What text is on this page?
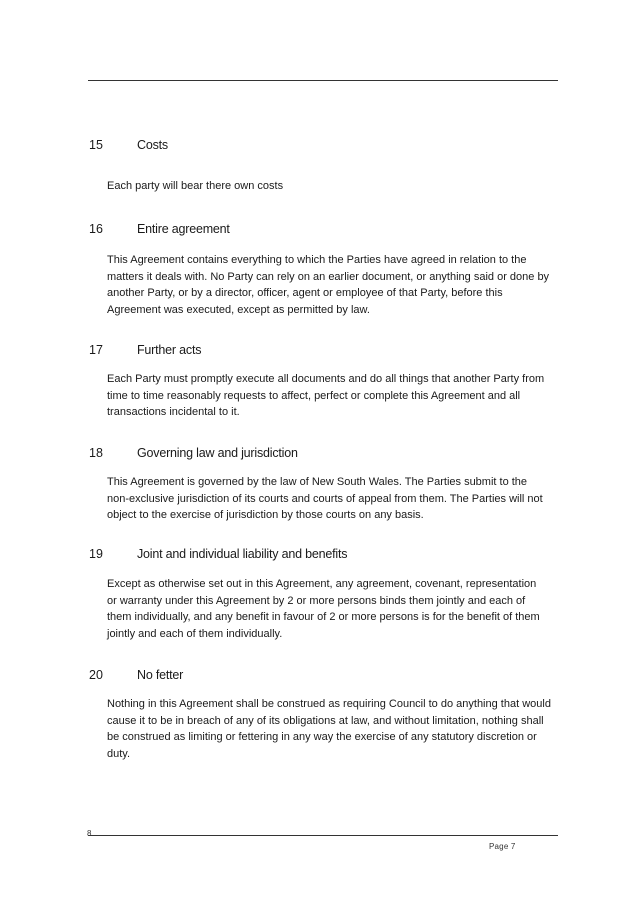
15	Costs
Each party will bear there own costs
16	Entire agreement
This Agreement contains everything to which the Parties have agreed in relation to the
matters it deals with. No Party can rely on an earlier document, or anything said or done by
another Party, or by a director, officer, agent or employee of that Party, before this
Agreement was executed, except as permitted by law.
17	Further acts
Each Party must promptly execute all documents and do all things that another Party from
time to time reasonably requests to affect, perfect or complete this Agreement and all
transactions incidental to it.
18	Governing law and jurisdiction
This Agreement is governed by the law of New South Wales. The Parties submit to the
non-exclusive jurisdiction of its courts and courts of appeal from them. The Parties will not
object to the exercise of jurisdiction by those courts on any basis.
19	Joint and individual liability and benefits
Except as otherwise set out in this Agreement, any agreement, covenant, representation
or warranty under this Agreement by 2 or more persons binds them jointly and each of
them individually, and any benefit in favour of 2 or more persons is for the benefit of them
jointly and each of them individually.
20	No fetter
Nothing in this Agreement shall be construed as requiring Council to do anything that would
cause it to be in breach of any of its obligations at law, and without limitation, nothing shall
be construed as limiting or fettering in any way the exercise of any statutory discretion or
duty.
8
Page 7
